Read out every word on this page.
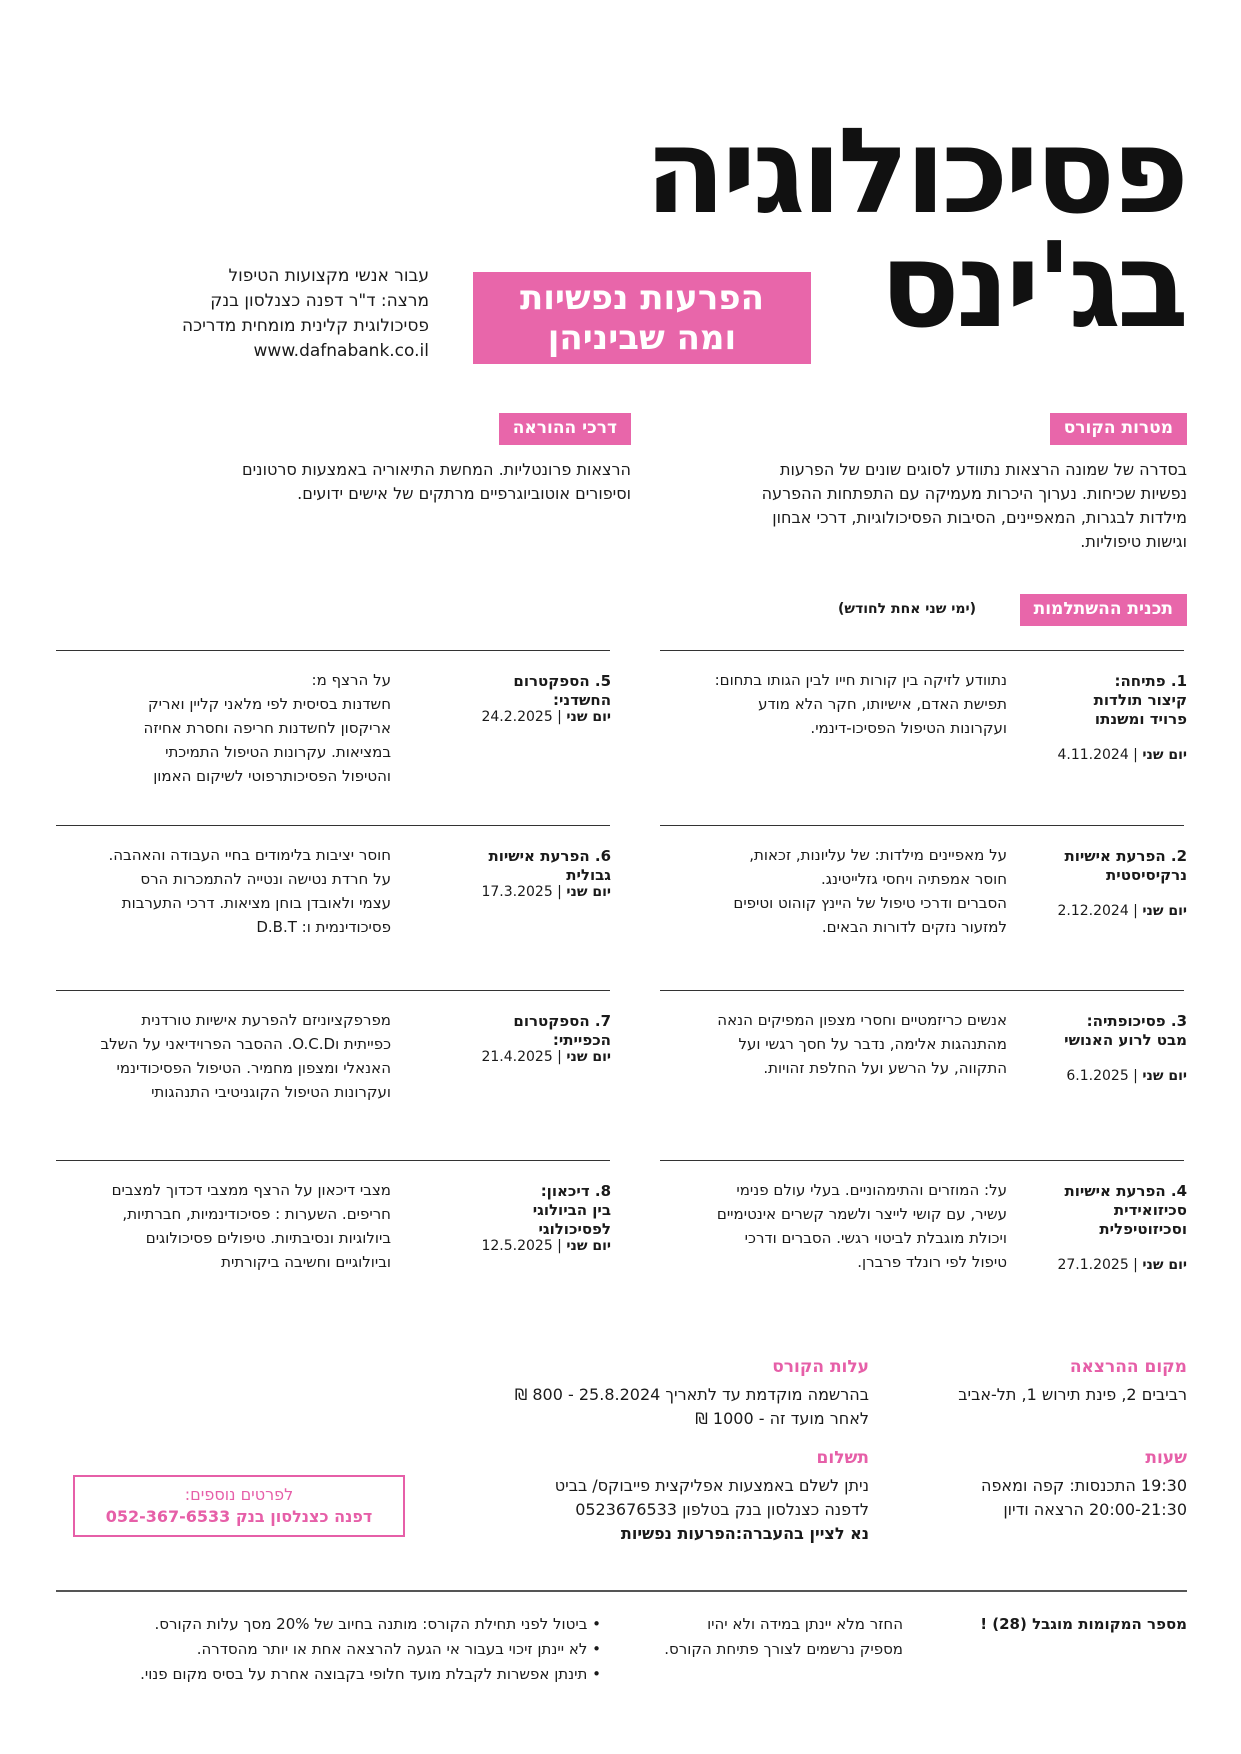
פסיכולוגיה
בג'ינס
הפרעות נפשיות
ומה שביניהן
עבור אנשי מקצועות הטיפול
מרצה: ד"ר דפנה כצנלסון בנק
פסיכולוגית קלינית מומחית מדריכה
www.dafnabank.co.il
מטרות הקורס
בסדרה של שמונה הרצאות נתוודע לסוגים שונים של הפרעות
נפשיות שכיחות. נערוך היכרות מעמיקה עם התפתחות ההפרעה
מילדות לבגרות, המאפיינים, הסיבות הפסיכולוגיות, דרכי אבחון
וגישות טיפוליות.
דרכי ההוראה
הרצאות פרונטליות. המחשת התיאוריה באמצעות סרטונים
וסיפורים אוטוביוגרפיים מרתקים של אישים ידועים.
תכנית ההשתלמות
(ימי שני אחת לחודש)
1. פתיחה:
קיצור תולדות
פרויד ומשנתו
יום שני | 4.11.2024
נתוודע לזיקה בין קורות חייו לבין הגותו בתחום:
תפישת האדם, אישיותו, חקר הלא מודע
ועקרונות הטיפול הפסיכו-דינמי.
2. הפרעת אישיות
נרקיסיסטית
יום שני | 2.12.2024
על מאפיינים מילדות: של עליונות, זכאות,
חוסר אמפתיה ויחסי גזלייטינג.
הסברים ודרכי טיפול של היינץ קוהוט וטיפים
למזעור נזקים לדורות הבאים.
3. פסיכופתיה:
מבט לרוע האנושי
יום שני | 6.1.2025
אנשים כריזמטיים וחסרי מצפון המפיקים הנאה
מהתנהגות אלימה, נדבר על חסך רגשי ועל
התקווה, על הרשע ועל החלפת זהויות.
4. הפרעת אישיות
סכיזואידית
וסכיזוטיפלית
יום שני | 27.1.2025
על: המוזרים והתימהוניים. בעלי עולם פנימי
עשיר, עם קושי לייצר ולשמר קשרים אינטימיים
ויכולת מוגבלת לביטוי רגשי. הסברים ודרכי
טיפול לפי רונלד פרברן.
5. הספקטרום החשדני:
יום שני | 24.2.2025
על הרצף מ:
חשדנות בסיסית לפי מלאני קליין ואריק
אריקסון לחשדנות חריפה וחסרת אחיזה
במציאות. עקרונות הטיפול התמיכתי
והטיפול הפסיכותרפוטי לשיקום האמון
6. הפרעת אישיות גבולית
יום שני | 17.3.2025
חוסר יציבות בלימודים בחיי העבודה והאהבה.
על חרדת נטישה ונטייה להתמכרות הרס
עצמי ולאובדן בוחן מציאות. דרכי התערבות
פסיכודינמית ו: D.B.T
7. הספקטרום הכפייתי:
יום שני | 21.4.2025
מפרפקציוניזם להפרעת אישיות טורדנית
כפייתית וO.C.D. ההסבר הפרוידיאני על השלב
האנאלי ומצפון מחמיר. הטיפול הפסיכודינמי
ועקרונות הטיפול הקוגניטיבי התנהגותי
8. דיכאון:
בין הביולוגי לפסיכולוגי
יום שני | 12.5.2025
מצבי דיכאון על הרצף ממצבי דכדוך למצבים
חריפים. השערות : פסיכודינמיות, חברתיות,
ביולוגיות ונסיבתיות. טיפולים פסיכולוגים
וביולוגיים וחשיבה ביקורתית
מקום ההרצאה
רביבים 2, פינת תירוש 1, תל-אביב
עלות הקורס
בהרשמה מוקדמת עד לתאריך 25.8.2024 - 800 ₪
לאחר מועד זה - 1000 ₪
שעות
19:30 התכנסות: קפה ומאפה
20:00-21:30 הרצאה ודיון
תשלום
ניתן לשלם באמצעות אפליקצית פייבוקס/ בביט
לדפנה כצנלסון בנק בטלפון 0523676533
נא לציין בהעברה:הפרעות נפשיות
לפרטים נוספים:
דפנה כצנלסון בנק 052-367-6533
מספר המקומות מוגבל (28) !
החזר מלא יינתן במידה ולא יהיו
מספיק נרשמים לצורך פתיחת הקורס.
• ביטול לפני תחילת הקורס: מותנה בחיוב של 20% מסך עלות הקורס.
• לא יינתן זיכוי בעבור אי הגעה להרצאה אחת או יותר מהסדרה.
• תינתן אפשרות לקבלת מועד חלופי בקבוצה אחרת על בסיס מקום פנוי.
